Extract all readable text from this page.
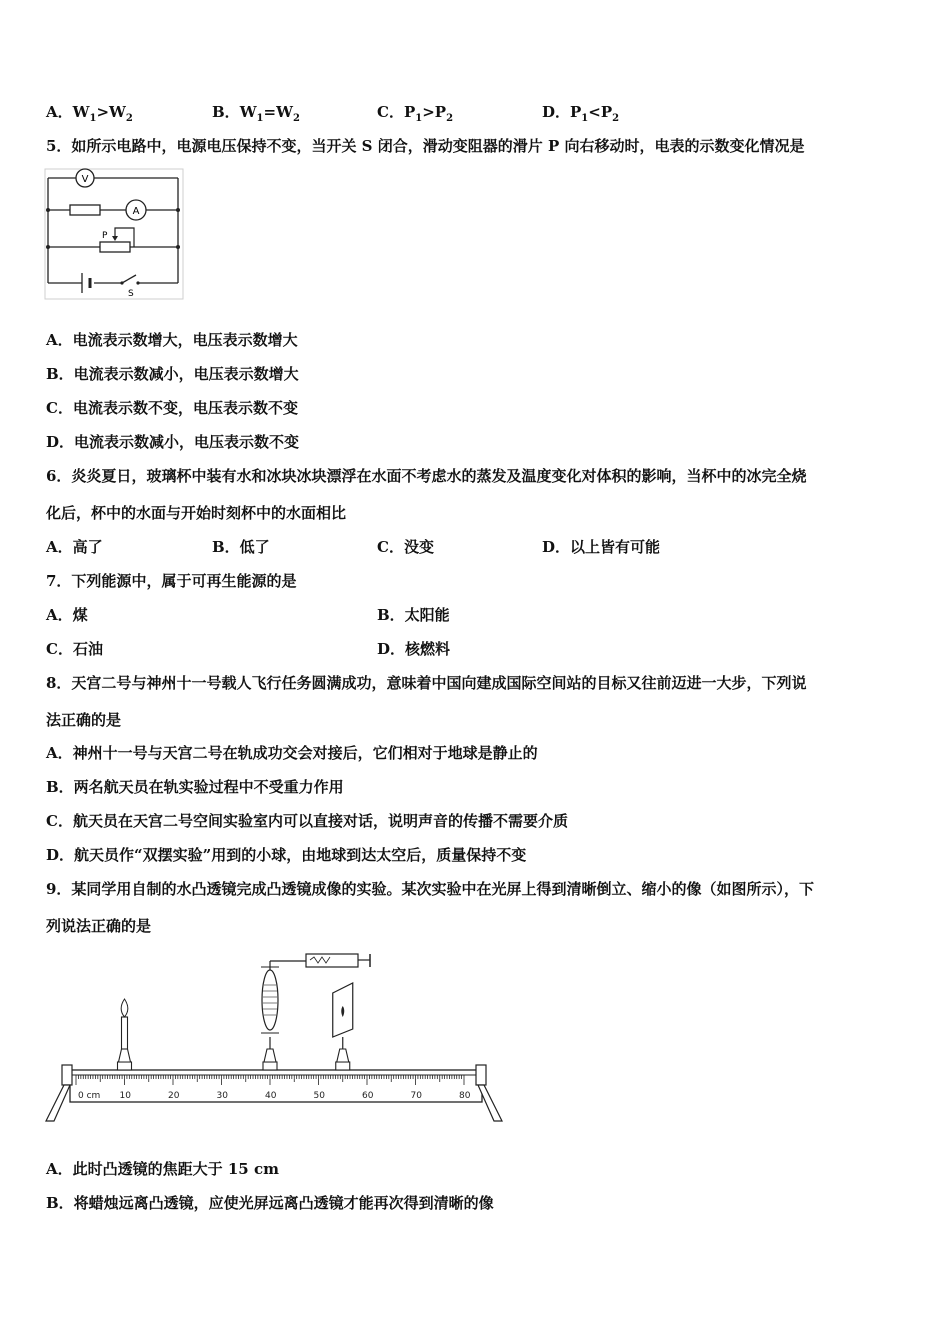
A．$W_1>W_2$	B．$W_1=W_2$	C．$P_1>P_2$	D．$P_1<P_2$
5．如所示电路中，电源电压保持不变，当开关 S 闭合，滑动变阻器的滑片 P 向右移动时，电表的示数变化情况是
V
A
P
S
A．电流表示数增大，电压表示数增大
B．电流表示数减小，电压表示数增大
C．电流表示数不变，电压表示数不变
D．电流表示数减小，电压表示数不变
6．炎炎夏日，玻璃杯中装有水和冰块冰块漂浮在水面不考虑水的蒸发及温度变化对体积的影响，当杯中的冰完全烧
化后，杯中的水面与开始时刻杯中的水面相比
A．高了	B．低了	C．没变	D．以上皆有可能
7．下列能源中，属于可再生能源的是
A．煤	B．太阳能
C．石油	D．核燃料
8．天宫二号与神州十一号载人飞行任务圆满成功，意味着中国向建成国际空间站的目标又往前迈进一大步，下列说
法正确的是
A．神州十一号与天宫二号在轨成功交会对接后，它们相对于地球是静止的
B．两名航天员在轨实验过程中不受重力作用
C．航天员在天宫二号空间实验室内可以直接对话，说明声音的传播不需要介质
D．航天员作“双摆实验”用到的小球，由地球到达太空后，质量保持不变
9．某同学用自制的水凸透镜完成凸透镜成像的实验。某次实验中在光屏上得到清晰倒立、缩小的像（如图所示），下
列说法正确的是
0 cm 10	20	30	40	50	60	70	80
A．此时凸透镜的焦距大于 15 cm
B．将蜡烛远离凸透镜，应使光屏远离凸透镜才能再次得到清晰的像
